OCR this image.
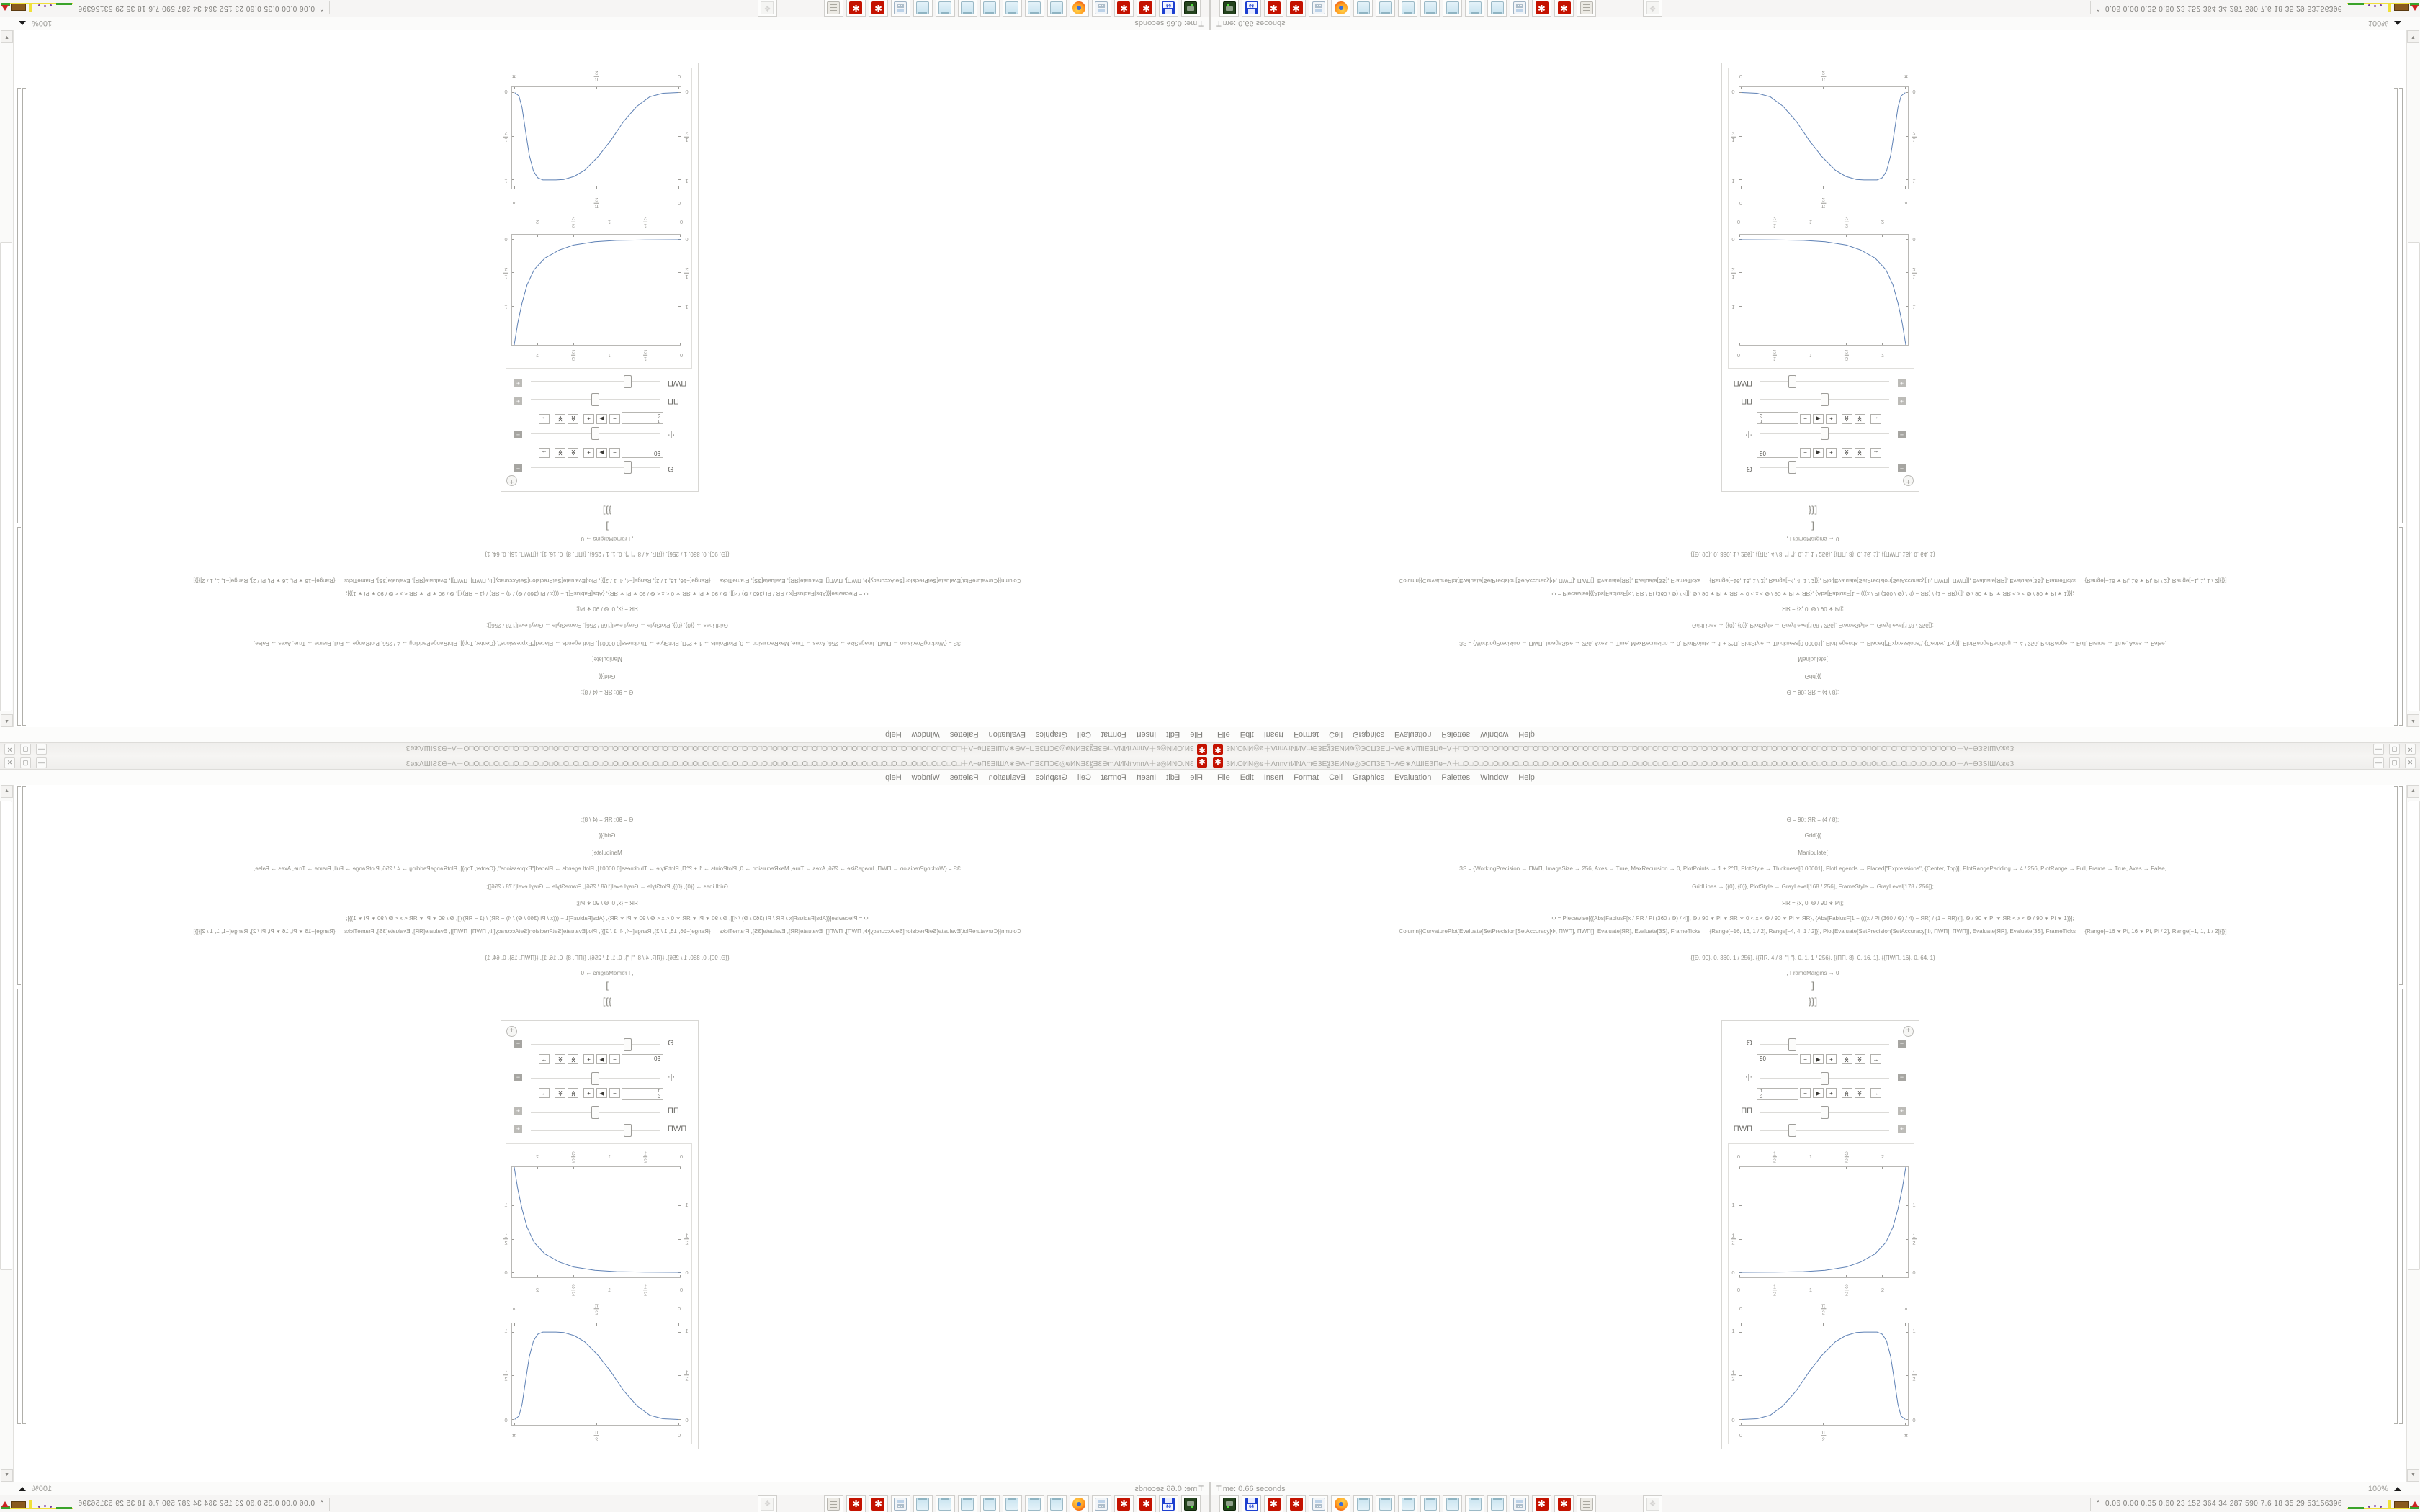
✱ ЗИ.ОИN◎ѳ＋Λnnѵ≀ИNΛmѲЗЕѯЗЕИNѡ◎ЭСПЗЕП−ΛѲ∗ΛШΙЕЗПѳ−Λ＋□О□О□О□О□О□О□О□О□О□О□О□О□О□О□О□О□О□О□О□О□О□О□О□О□О□О□О□О□О□О□О□О□О□О□О□О□О□О□О□О□О□О□О□О□О□О□О□О□О□О＋Λ−ѲЗЅΙШΛжѳЗ	—	▢	✕
File Edit Insert Format Cell Graphics Evaluation Palettes Window Help
Ѳ = 90; ЯR = (4 / 8);
Grid[{{
Manipulate[
ЗS = {WorkingPrecision → ПWП, ImageSize → 256, Axes → True, MaxRecursion → 0, PlotPoints → 1 + 2^П, PlotStyle → Thickness[0.00001], PlotLegends → Placed["Expressions", {Center, Top}], PlotRangePadding → 4 / 256, PlotRange → Full, Frame → True, Axes → False,
GridLines → {{0}, {0}}, PlotStyle → GrayLevel[168 / 256], FrameStyle → GrayLevel[178 / 256]};
ЯR = {x, 0, Ѳ / 90 ∗ Pi};
Ф = Piecewise[{{Abs[FabiusF[x / ЯR / Pi (360 / Ѳ) / 4]], Ѳ / 90 ∗ Pi ∗ ЯR ∗ 0 < x < Ѳ / 90 ∗ Pi ∗ ЯR}, {Abs[FabiusF[1 − (((x / Pi (360 / Ѳ) / 4) − ЯR) / (1 − ЯR))]], Ѳ / 90 ∗ Pi ∗ ЯR < x < Ѳ / 90 ∗ Pi ∗ 1}}];
Column[{CurvaturePlot[Evaluate[SetPrecision[SetAccuracy[Ф, ПWП], ПWП]], Evaluate[ЯR], Evaluate[ЗS], FrameTicks → {Range[−16, 16, 1 / 2], Range[−4, 4, 1 / 2]}], Plot[Evaluate[SetPrecision[SetAccuracy[Ф, ПWП], ПWП]], Evaluate[ЯR], Evaluate[ЗS], FrameTicks → {Range[−16 ∗ Pi, 16 ∗ Pi, Pi / 2], Range[−1, 1, 1 / 2]}]}]
{{Ѳ, 90}, 0, 360, 1 / 256}, {{ЯR, 4 / 8, "|·"}, 0, 1, 1 / 256}, {{ПП, 8}, 0, 16, 1}, {{ПWП, 16}, 0, 64, 1}
, FrameMargins → 0
]
}}]
+
Ѳ	−
90	−	▶	+	≫	≫	→
·|·	−
$\frac{1}{2}$	−	▶	+	≫	≫	→
ПП	+
ПWП	+
0	$\frac{1}{2}$	1	$\frac{3}{2}$	2
0	$\frac{1}{2}$	1	$\frac{3}{2}$	2
0
$\frac{1}{2}$
1
0
$\frac{1}{2}$
1
0	$\frac{\pi}{2}$	π
0	$\frac{\pi}{2}$	π
0
$\frac{1}{2}$
1
0
$\frac{1}{2}$
1
▲
▼
Time: 0.66 seconds	100%
64 ✱ ✱	✱ ✱	❖	⌃ 0.06 0.00 0.35 0.60 23 152 364 34 287 590 7.6 18 35 29 53156396
✱
ЗИ.ОИN◎ѳ＋Λnnѵ≀ИNΛmѲЗЕѯЗЕИNѡ◎ЭСПЗЕП−ΛѲ∗ΛШΙЕЗПѳ−Λ＋□О□О□О□О□О□О□О□О□О□О□О□О□О□О□О□О□О□О□О□О□О□О□О□О□О□О□О□О□О□О□О□О□О□О□О□О□О□О□О□О□О□О□О□О□О□О□О□О□О□О＋Λ−ѲЗЅΙШΛжѳЗ
—
▢
✕
File
Edit
Insert
Format
Cell
Graphics
Evaluation
Palettes
Window
Help
Ѳ = 90; ЯR = (4 / 8);
Grid[{{
Manipulate[
ЗS = {WorkingPrecision → ПWП, ImageSize → 256, Axes → True, MaxRecursion → 0, PlotPoints → 1 + 2^П, PlotStyle → Thickness[0.00001], PlotLegends → Placed["Expressions", {Center, Top}], PlotRangePadding → 4 / 256, PlotRange → Full, Frame → True, Axes → False,
GridLines → {{0}, {0}}, PlotStyle → GrayLevel[168 / 256], FrameStyle → GrayLevel[178 / 256]};
ЯR = {x, 0, Ѳ / 90 ∗ Pi};
Ф = Piecewise[{{Abs[FabiusF[x / ЯR / Pi (360 / Ѳ) / 4]], Ѳ / 90 ∗ Pi ∗ ЯR ∗ 0 < x < Ѳ / 90 ∗ Pi ∗ ЯR}, {Abs[FabiusF[1 − (((x / Pi (360 / Ѳ) / 4) − ЯR) / (1 − ЯR))]], Ѳ / 90 ∗ Pi ∗ ЯR < x < Ѳ / 90 ∗ Pi ∗ 1}}];
Column[{CurvaturePlot[Evaluate[SetPrecision[SetAccuracy[Ф, ПWП], ПWП]], Evaluate[ЯR], Evaluate[ЗS], FrameTicks → {Range[−16, 16, 1 / 2], Range[−4, 4, 1 / 2]}], Plot[Evaluate[SetPrecision[SetAccuracy[Ф, ПWП], ПWП]], Evaluate[ЯR], Evaluate[ЗS], FrameTicks → {Range[−16 ∗ Pi, 16 ∗ Pi, Pi / 2], Range[−1, 1, 1 / 2]}]}]
{{Ѳ, 90}, 0, 360, 1 / 256}, {{ЯR, 4 / 8, "|·"}, 0, 1, 1 / 256}, {{ПП, 8}, 0, 16, 1}, {{ПWП, 16}, 0, 64, 1}
, FrameMargins → 0
]
}}]
+
Ѳ
−
90
−
▶
+
≫
≫
→
·|·
−
$\frac{1}{2}$
−
▶
+
≫
≫
→
ПП
+
ПWП
+
0
$\frac{1}{2}$
1
$\frac{3}{2}$
2
0
$\frac{1}{2}$
1
$\frac{3}{2}$
2
0
$\frac{1}{2}$
1
0
$\frac{1}{2}$
1
0
$\frac{\pi}{2}$
π
0
$\frac{\pi}{2}$
π
0
$\frac{1}{2}$
1
0
$\frac{1}{2}$
1
▲
▼
Time: 0.66 seconds
100%
64
✱
✱
✱
✱
❖
⌃
0.06 0.00 0.35 0.60 23 152 364 34 287 590 7.6 18 35 29 53156396
✱ ЗИ.ОИN◎ѳ＋Λnnѵ≀ИNΛmѲЗЕѯЗЕИNѡ◎ЭСПЗЕП−ΛѲ∗ΛШΙЕЗПѳ−Λ＋□О□О□О□О□О□О□О□О□О□О□О□О□О□О□О□О□О□О□О□О□О□О□О□О□О□О□О□О□О□О□О□О□О□О□О□О□О□О□О□О□О□О□О□О□О□О□О□О□О□О＋Λ−ѲЗЅΙШΛжѳЗ	—	▢	✕
File Edit Insert Format Cell Graphics Evaluation Palettes Window Help
Ѳ = 90; ЯR = (4 / 8);
Grid[{{
Manipulate[
ЗS = {WorkingPrecision → ПWП, ImageSize → 256, Axes → True, MaxRecursion → 0, PlotPoints → 1 + 2^П, PlotStyle → Thickness[0.00001], PlotLegends → Placed["Expressions", {Center, Top}], PlotRangePadding → 4 / 256, PlotRange → Full, Frame → True, Axes → False,
GridLines → {{0}, {0}}, PlotStyle → GrayLevel[168 / 256], FrameStyle → GrayLevel[178 / 256]};
ЯR = {x, 0, Ѳ / 90 ∗ Pi};
Ф = Piecewise[{{Abs[FabiusF[x / ЯR / Pi (360 / Ѳ) / 4]], Ѳ / 90 ∗ Pi ∗ ЯR ∗ 0 < x < Ѳ / 90 ∗ Pi ∗ ЯR}, {Abs[FabiusF[1 − (((x / Pi (360 / Ѳ) / 4) − ЯR) / (1 − ЯR))]], Ѳ / 90 ∗ Pi ∗ ЯR < x < Ѳ / 90 ∗ Pi ∗ 1}}];
Column[{CurvaturePlot[Evaluate[SetPrecision[SetAccuracy[Ф, ПWП], ПWП]], Evaluate[ЯR], Evaluate[ЗS], FrameTicks → {Range[−16, 16, 1 / 2], Range[−4, 4, 1 / 2]}], Plot[Evaluate[SetPrecision[SetAccuracy[Ф, ПWП], ПWП]], Evaluate[ЯR], Evaluate[ЗS], FrameTicks → {Range[−16 ∗ Pi, 16 ∗ Pi, Pi / 2], Range[−1, 1, 1 / 2]}]}]
{{Ѳ, 90}, 0, 360, 1 / 256}, {{ЯR, 4 / 8, "|·"}, 0, 1, 1 / 256}, {{ПП, 8}, 0, 16, 1}, {{ПWП, 16}, 0, 64, 1}
, FrameMargins → 0
]
}}]
+
Ѳ	−
90	−	▶	+	≫	≫	→
·|·	−
1
2
−	▶	+	≫	≫	→
ПП	+
ПWП	+
0
1
2
1
3
2
2
0
1
2
1
3
2
2
0
1
2
1
0
1
2
1
0
π
2
π
0
π
2
π
0
1
2
1
0
1
2
1
▲
▼
Time: 0.66 seconds	100%
64 ✱ ✱	✱ ✱	❖	⌃ 0.06 0.00 0.35 0.60 23 152 364 34 287 590 7.6 18 35 29 53156396
✱
ЗИ.ОИN◎ѳ＋Λnnѵ≀ИNΛmѲЗЕѯЗЕИNѡ◎ЭСПЗЕП−ΛѲ∗ΛШΙЕЗПѳ−Λ＋□О□О□О□О□О□О□О□О□О□О□О□О□О□О□О□О□О□О□О□О□О□О□О□О□О□О□О□О□О□О□О□О□О□О□О□О□О□О□О□О□О□О□О□О□О□О□О□О□О□О＋Λ−ѲЗЅΙШΛжѳЗ
—
▢
✕
File
Edit
Insert
Format
Cell
Graphics
Evaluation
Palettes
Window
Help
Ѳ = 90; ЯR = (4 / 8);
Grid[{{
Manipulate[
ЗS = {WorkingPrecision → ПWП, ImageSize → 256, Axes → True, MaxRecursion → 0, PlotPoints → 1 + 2^П, PlotStyle → Thickness[0.00001], PlotLegends → Placed["Expressions", {Center, Top}], PlotRangePadding → 4 / 256, PlotRange → Full, Frame → True, Axes → False,
GridLines → {{0}, {0}}, PlotStyle → GrayLevel[168 / 256], FrameStyle → GrayLevel[178 / 256]};
ЯR = {x, 0, Ѳ / 90 ∗ Pi};
Ф = Piecewise[{{Abs[FabiusF[x / ЯR / Pi (360 / Ѳ) / 4]], Ѳ / 90 ∗ Pi ∗ ЯR ∗ 0 < x < Ѳ / 90 ∗ Pi ∗ ЯR}, {Abs[FabiusF[1 − (((x / Pi (360 / Ѳ) / 4) − ЯR) / (1 − ЯR))]], Ѳ / 90 ∗ Pi ∗ ЯR < x < Ѳ / 90 ∗ Pi ∗ 1}}];
Column[{CurvaturePlot[Evaluate[SetPrecision[SetAccuracy[Ф, ПWП], ПWП]], Evaluate[ЯR], Evaluate[ЗS], FrameTicks → {Range[−16, 16, 1 / 2], Range[−4, 4, 1 / 2]}], Plot[Evaluate[SetPrecision[SetAccuracy[Ф, ПWП], ПWП]], Evaluate[ЯR], Evaluate[ЗS], FrameTicks → {Range[−16 ∗ Pi, 16 ∗ Pi, Pi / 2], Range[−1, 1, 1 / 2]}]}]
{{Ѳ, 90}, 0, 360, 1 / 256}, {{ЯR, 4 / 8, "|·"}, 0, 1, 1 / 256}, {{ПП, 8}, 0, 16, 1}, {{ПWП, 16}, 0, 64, 1}
, FrameMargins → 0
]
}}]
+
Ѳ
−
90
−
▶
+
≫
≫
→
·|·
−
1
2
−
▶
+
≫
≫
→
ПП
+
ПWП
+
0
1
2
1
3
2
2
0
1
2
1
3
2
2
0
1
2
1
0
1
2
1
0
π
2
π
0
π
2
π
0
1
2
1
0
1
2
1
▲
▼
Time: 0.66 seconds
100%
64
✱
✱
✱
✱
❖
⌃
0.06 0.00 0.35 0.60 23 152 364 34 287 590 7.6 18 35 29 53156396
